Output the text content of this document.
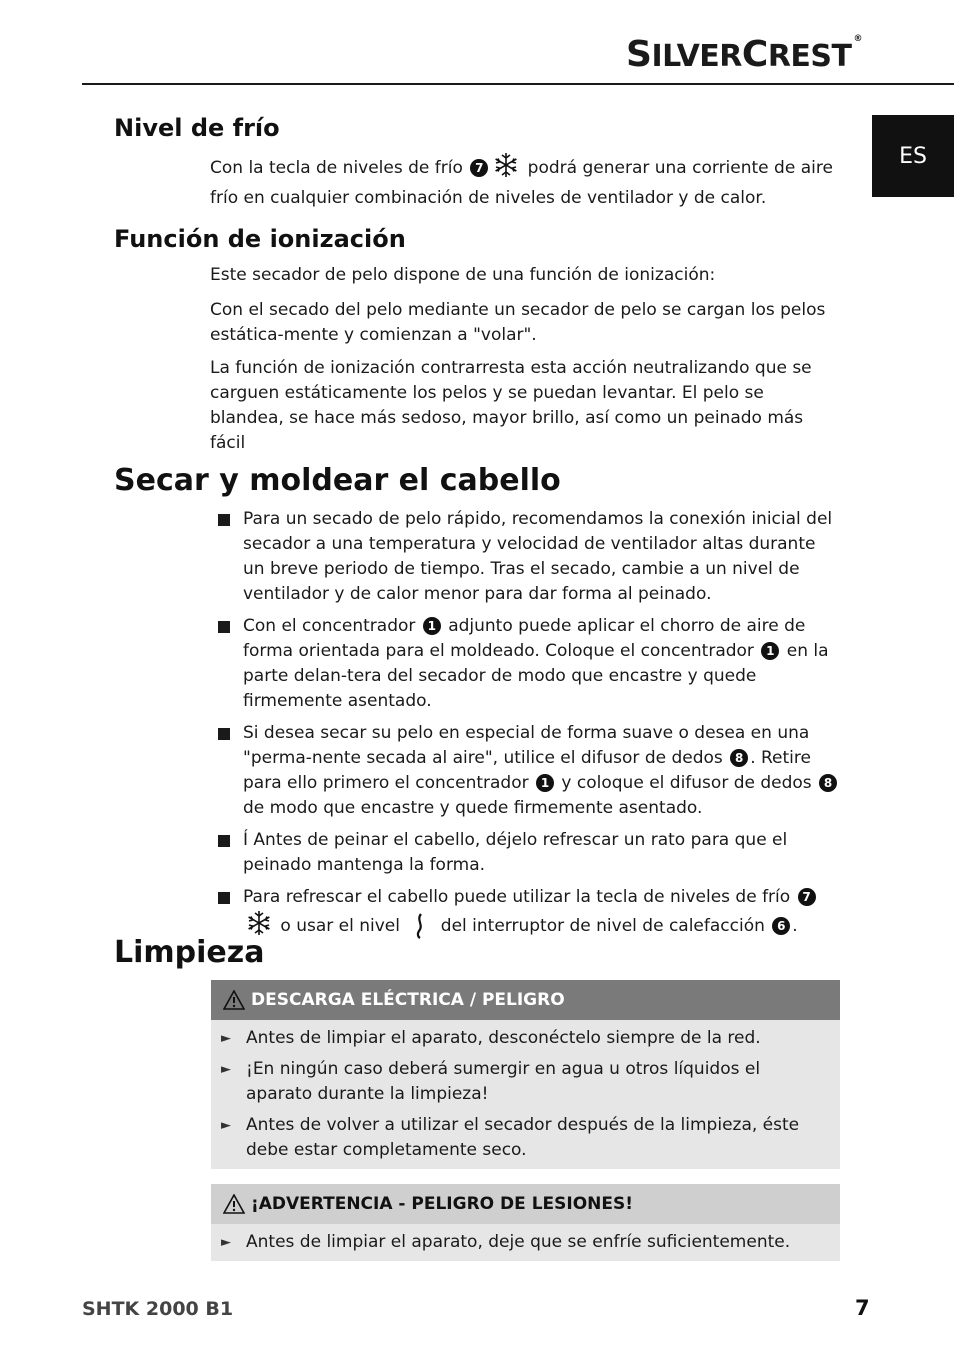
SILVERCREST ®
ES
Nivel de frío

Con la tecla de niveles de frío 7 podrá generar una corriente de aire frío en cualquier combinación de niveles de ventilador y de calor.

Función de ionización

Este secador de pelo dispone de una función de ionización:

Con el secado del pelo mediante un secador de pelo se cargan los pelos estática-mente y comienzan a "volar".

La función de ionización contrarresta esta acción neutralizando que se carguen estáticamente los pelos y se puedan levantar. El pelo se blandea, se hace más sedoso, mayor brillo, así como un peinado más fácil

Secar y moldear el cabello
Para un secado de pelo rápido, recomendamos la conexión inicial del secador a una temperatura y velocidad de ventilador altas durante un breve periodo de tiempo. Tras el secado, cambie a un nivel de ventilador y de calor menor para dar forma al peinado.
Con el concentrador 1 adjunto puede aplicar el chorro de aire de forma orientada para el moldeado. Coloque el concentrador 1 en la parte delan-tera del secador de modo que encastre y quede firmemente asentado.
Si desea secar su pelo en especial de forma suave o desea en una "perma-nente secada al aire", utilice el difusor de dedos 8 . Retire para ello primero el concentrador 1 y coloque el difusor de dedos 8 de modo que encastre y quede firmemente asentado.
Í Antes de peinar el cabello, déjelo refrescar un rato para que el peinado mantenga la forma.
Para refrescar el cabello puede utilizar la tecla de niveles de frío 7 o usar el nivel  del interruptor de nivel de calefacción 6 .
Limpieza
DESCARGA ELÉCTRICA / PELIGRO
► Antes de limpiar el aparato, desconéctelo siempre de la red.
► ¡En ningún caso deberá sumergir en agua u otros líquidos el aparato durante la limpieza!
► Antes de volver a utilizar el secador después de la limpieza, éste debe estar completamente seco.
¡ADVERTENCIA - PELIGRO DE LESIONES!
► Antes de limpiar el aparato, deje que se enfríe suficientemente.
SHTK 2000 B1	7
